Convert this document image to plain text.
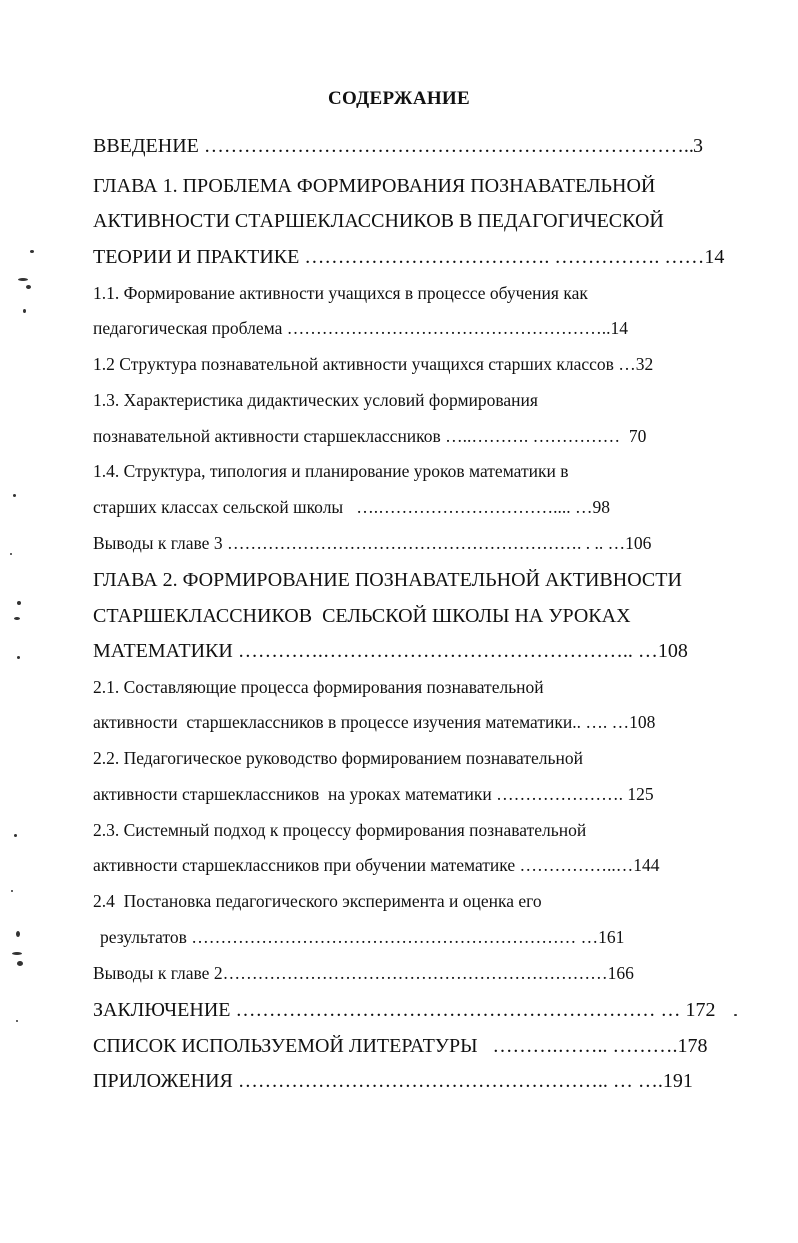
СОДЕРЖАНИЕ
ВВЕДЕНИЕ ……………………………………………………………….. 3
ГЛАВА 1. ПРОБЛЕМА ФОРМИРОВАНИЯ ПОЗНАВАТЕЛЬНОЙ
АКТИВНОСТИ СТАРШЕКЛАССНИКОВ В ПЕДАГОГИЧЕСКОЙ
ТЕОРИИ И ПРАКТИКЕ ………………………………. ……………. ……14
1.1. Формирование активности учащихся в процессе обучения как
педагогическая проблема ………………………………………………..14
1.2 Структура познавательной активности учащихся старших классов …32
1.3. Характеристика дидактических условий формирования
познавательной активности старшеклассников …..………. ……………  70
1.4. Структура, типология и планирование уроков математики в
старших классах сельской школы   ….………………………….... …98
Выводы к главе 3 ……………………………………………………. . .. …106
ГЛАВА 2. ФОРМИРОВАНИЕ ПОЗНАВАТЕЛЬНОЙ АКТИВНОСТИ
СТАРШЕКЛАССНИКОВ  СЕЛЬСКОЙ ШКОЛЫ НА УРОКАХ
МАТЕМАТИКИ ………….……………………………………….. …108
2.1. Составляющие процесса формирования познавательной
активности  старшеклассников в процессе изучения математики.. …. …108
2.2. Педагогическое руководство формированием познавательной
активности старшеклассников  на уроках математики …………………. 125
2.3. Системный подход к процессу формирования познавательной
активности старшеклассников при обучении математике ……………..…144
2.4  Постановка педагогического эксперимента и оценка его
результатов ………………………………………………………… …161
Выводы к главе 2…………………………………………………………166
ЗАКЛЮЧЕНИЕ ……………………………………………………… … 172
СПИСОК ИСПОЛЬЗУЕМОЙ ЛИТЕРАТУРЫ   ……….…….. ……….178
ПРИЛОЖЕНИЯ ……………………………………………….. … ….191
